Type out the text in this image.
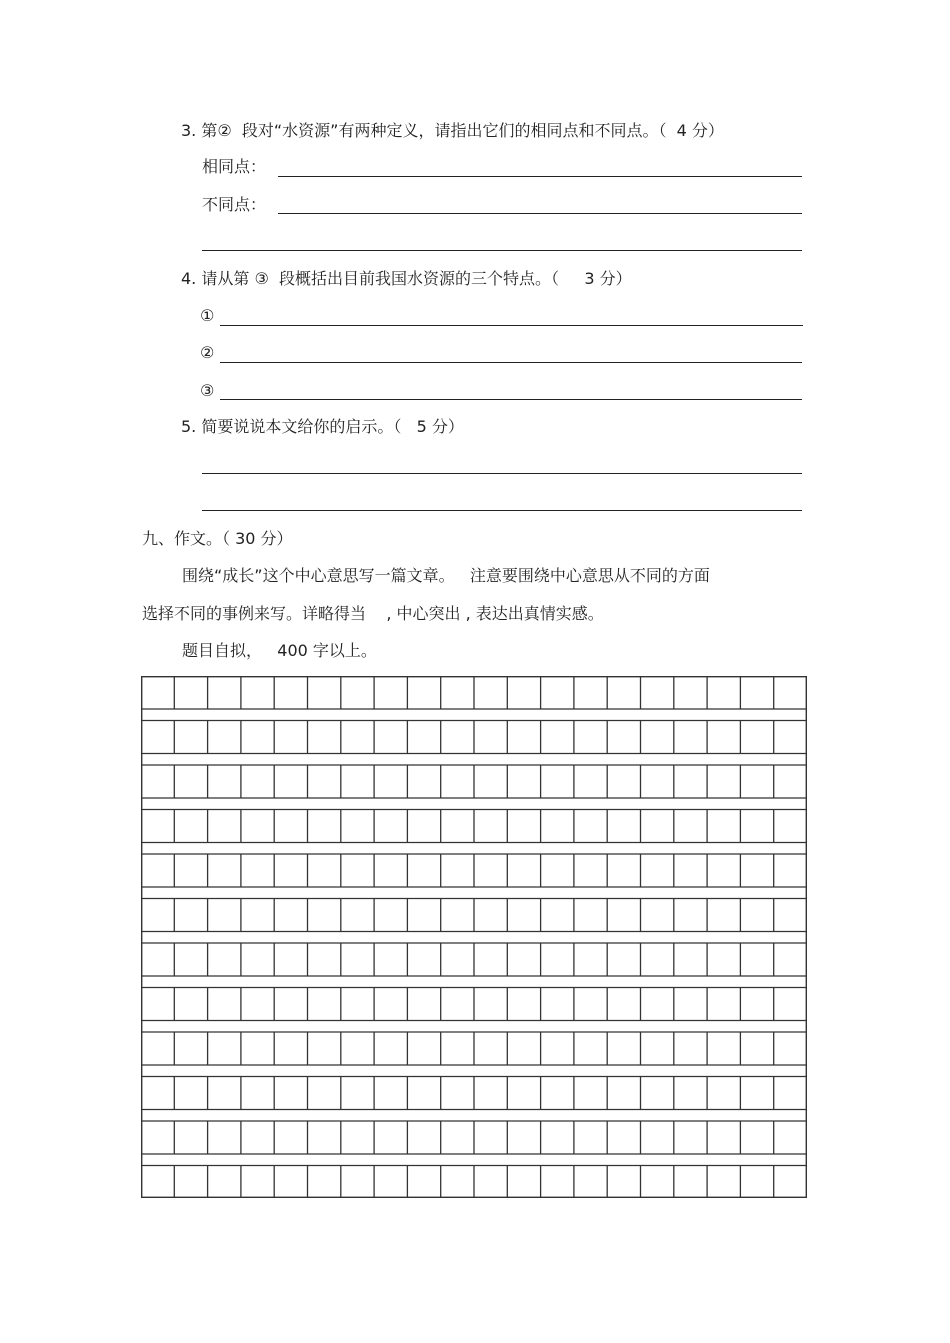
3. 第②  段对“水资源”有两种定义，请指出它们的相同点和不同点。（  4 分）
相同点：
不同点：
4. 请从第 ③  段概括出目前我国水资源的三个特点。（     3 分）
①
②
③
5. 简要说说本文给你的启示。（   5 分）
九、作文。（ 30 分）
围绕“成长”这个中心意思写一篇文章。   注意要围绕中心意思从不同的方面
选择不同的事例来写。详略得当    , 中心突出 , 表达出真情实感。
题目自拟，   400 字以上。
